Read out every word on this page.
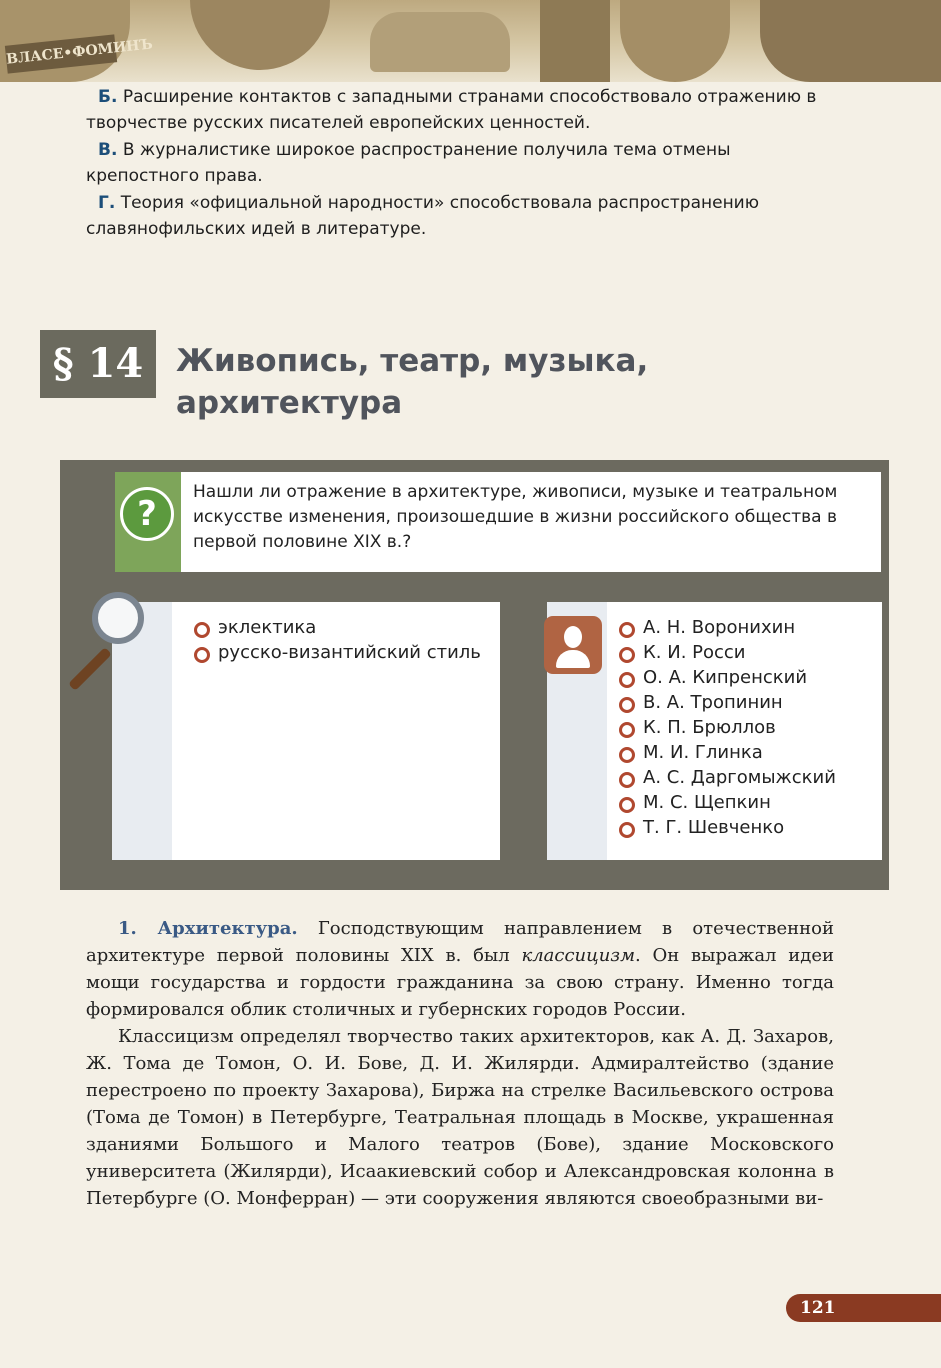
ВЛАСЕ•ФОМИНЪ

Б. Расширение контактов с западными странами способствовало отражению в творчестве русских писателей европейских ценностей.

В. В журналистике широкое распространение получила тема отмены крепостного права.

Г. Теория «официальной народности» способствовала распространению славянофильских идей в литературе.

§ 14	Живопись, театр, музыка, архитектура
?
Нашли ли отражение в архитектуре, живописи, музыке и театральном искусстве изменения, произошедшие в жизни российского общества в первой половине XIX в.?
эклектика
русско-византийский стиль
А. Н. Воронихин
К. И. Росси
О. А. Кипренский
В. А. Тропинин
К. П. Брюллов
М. И. Глинка
А. С. Даргомыжский
М. С. Щепкин
Т. Г. Шевченко

1. Архитектура. Господствующим направлением в отечественной архитектуре первой половины XIX в. был классицизм. Он выражал идеи мощи государства и гордости гражданина за свою страну. Именно тогда формировался облик столичных и губернских городов России.

Классицизм определял творчество таких архитекторов, как А. Д. Захаров, Ж. Тома де Томон, О. И. Бове, Д. И. Жилярди. Адмиралтейство (здание перестроено по проекту Захарова), Биржа на стрелке Васильевского острова (Тома де Томон) в Петербурге, Театральная площадь в Москве, украшенная зданиями Большого и Малого театров (Бове), здание Московского университета (Жилярди), Исаакиевский собор и Александровская колонна в Петербурге (О. Монферран) — эти сооружения являются своеобразными ви-

121
